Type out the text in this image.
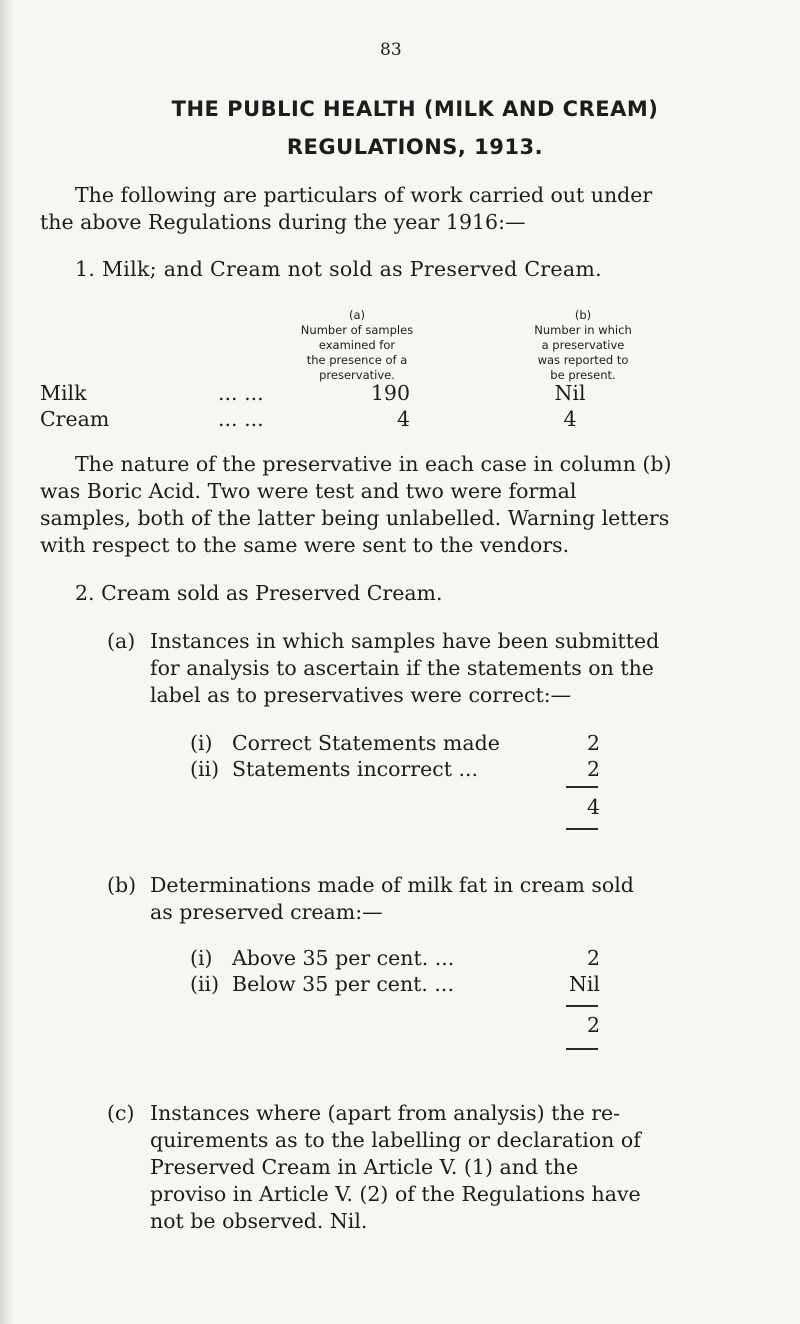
83
THE PUBLIC HEALTH (MILK AND CREAM)
REGULATIONS, 1913.
The following are particulars of work carried out under
the above Regulations during the year 1916:—
1. Milk; and Cream not sold as Preserved Cream.
(a)
Number of samples
examined for
the presence of a
preservative.
(b)
Number in which
a preservative
was reported to
be present.
Milk	... ...	190	Nil
Cream	... ...	4	4
The nature of the preservative in each case in column (b)
was Boric Acid. Two were test and two were formal
samples, both of the latter being unlabelled. Warning letters
with respect to the same were sent to the vendors.
2. Cream sold as Preserved Cream.
(a) Instances in which samples have been submitted
for analysis to ascertain if the statements on the
label as to preservatives were correct:—
(i) Correct Statements made	2
(ii) Statements incorrect ...	2
4
(b) Determinations made of milk fat in cream sold
as preserved cream:—
(i) Above 35 per cent. ...	2
(ii) Below 35 per cent. ...	Nil
2
(c) Instances where (apart from analysis) the re-
quirements as to the labelling or declaration of
Preserved Cream in Article V. (1) and the
proviso in Article V. (2) of the Regulations have
not be observed. Nil.
